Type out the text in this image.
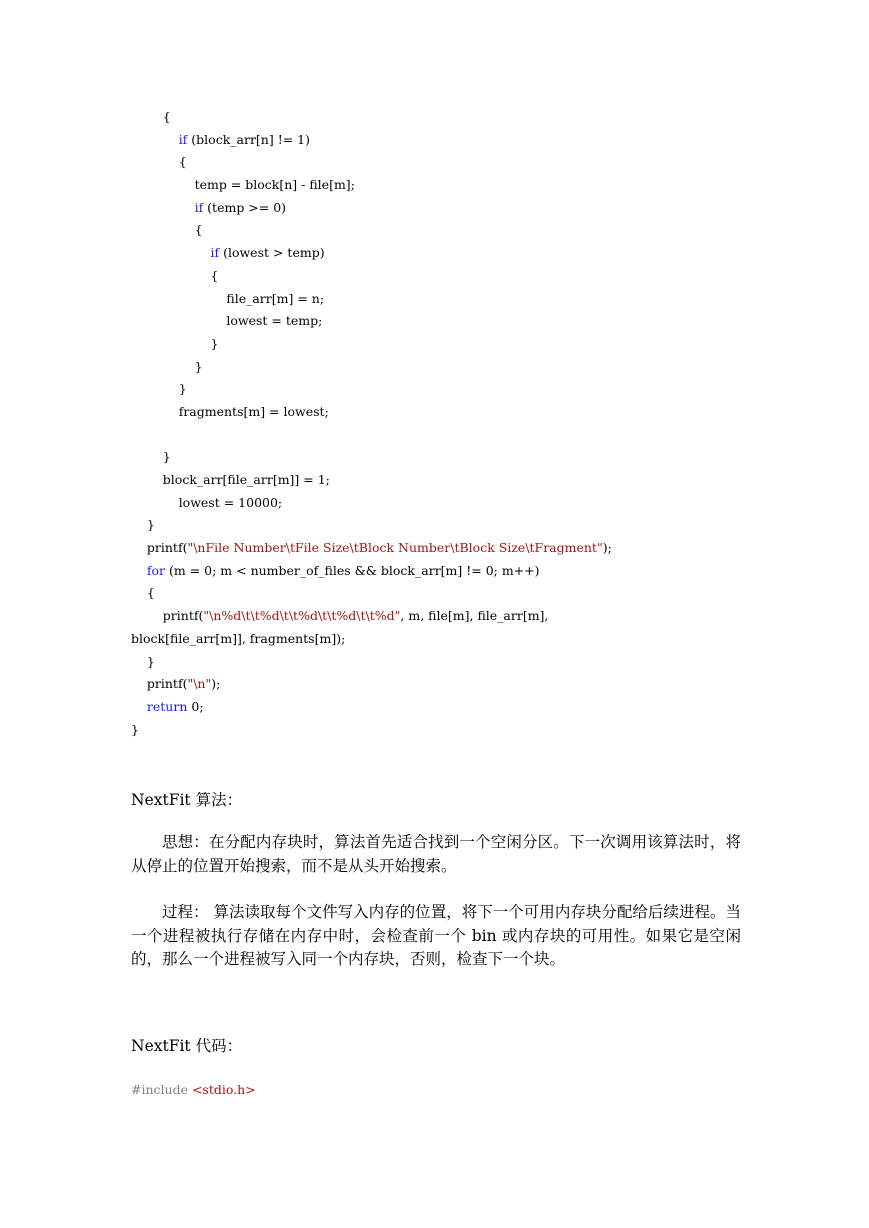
{
if (block_arr[n] != 1)
{
temp = block[n] - file[m];
if (temp >= 0)
{
if (lowest > temp)
{
file_arr[m] = n;
lowest = temp;
}
}
}
fragments[m] = lowest;

}
block_arr[file_arr[m]] = 1;
lowest = 10000;
}
printf("\nFile Number\tFile Size\tBlock Number\tBlock Size\tFragment");
for (m = 0; m < number_of_files && block_arr[m] != 0; m++)
{
printf("\n%d\t\t%d\t\t%d\t\t%d\t\t%d", m, file[m], file_arr[m],
block[file_arr[m]], fragments[m]);
}
printf("\n");
return 0;
}
NextFit 算法：
思想：在分配内存块时，算法首先适合找到一个空闲分区。下一次调用该算法时，将从停止的位置开始搜索，而不是从头开始搜索。
过程： 算法读取每个文件写入内存的位置，将下一个可用内存块分配给后续进程。当一个进程被执行存储在内存中时，会检查前一个 bin 或内存块的可用性。如果它是空闲的，那么一个进程被写入同一个内存块，否则，检查下一个块。
NextFit 代码：
#include <stdio.h>
